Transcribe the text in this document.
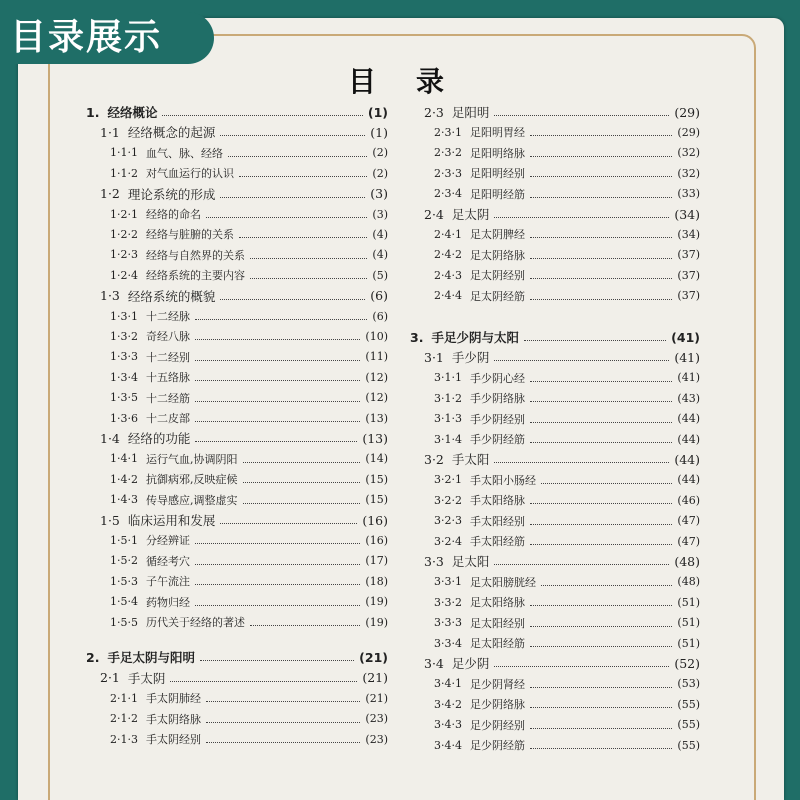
目录
1. 经络概论	(1)
1·1 经络概念的起源	(1)
1·1·1 血气、脉、经络	(2)
1·1·2 对气血运行的认识	(2)
1·2 理论系统的形成	(3)
1·2·1 经络的命名	(3)
1·2·2 经络与脏腑的关系	(4)
1·2·3 经络与自然界的关系	(4)
1·2·4 经络系统的主要内容	(5)
1·3 经络系统的概貌	(6)
1·3·1 十二经脉	(6)
1·3·2 奇经八脉	(10)
1·3·3 十二经别	(11)
1·3·4 十五络脉	(12)
1·3·5 十二经筋	(12)
1·3·6 十二皮部	(13)
1·4 经络的功能	(13)
1·4·1 运行气血,协调阴阳	(14)
1·4·2 抗御病邪,反映症候	(15)
1·4·3 传导感应,调整虚实	(15)
1·5 临床运用和发展	(16)
1·5·1 分经辨证	(16)
1·5·2 循经考穴	(17)
1·5·3 子午流注	(18)
1·5·4 药物归经	(19)
1·5·5 历代关于经络的著述	(19)
2. 手足太阴与阳明	(21)
2·1 手太阴	(21)
2·1·1 手太阴肺经	(21)
2·1·2 手太阴络脉	(23)
2·1·3 手太阴经别	(23)
2·3 足阳明	(29)
2·3·1 足阳明胃经	(29)
2·3·2 足阳明络脉	(32)
2·3·3 足阳明经别	(32)
2·3·4 足阳明经筋	(33)
2·4 足太阴	(34)
2·4·1 足太阴脾经	(34)
2·4·2 足太阴络脉	(37)
2·4·3 足太阴经别	(37)
2·4·4 足太阴经筋	(37)
3. 手足少阴与太阳	(41)
3·1 手少阴	(41)
3·1·1 手少阴心经	(41)
3·1·2 手少阴络脉	(43)
3·1·3 手少阴经别	(44)
3·1·4 手少阴经筋	(44)
3·2 手太阳	(44)
3·2·1 手太阳小肠经	(44)
3·2·2 手太阳络脉	(46)
3·2·3 手太阳经别	(47)
3·2·4 手太阳经筋	(47)
3·3 足太阳	(48)
3·3·1 足太阳膀胱经	(48)
3·3·2 足太阳络脉	(51)
3·3·3 足太阳经别	(51)
3·3·4 足太阳经筋	(51)
3·4 足少阴	(52)
3·4·1 足少阴肾经	(53)
3·4·2 足少阴络脉	(55)
3·4·3 足少阴经别	(55)
3·4·4 足少阴经筋	(55)
目录展示
